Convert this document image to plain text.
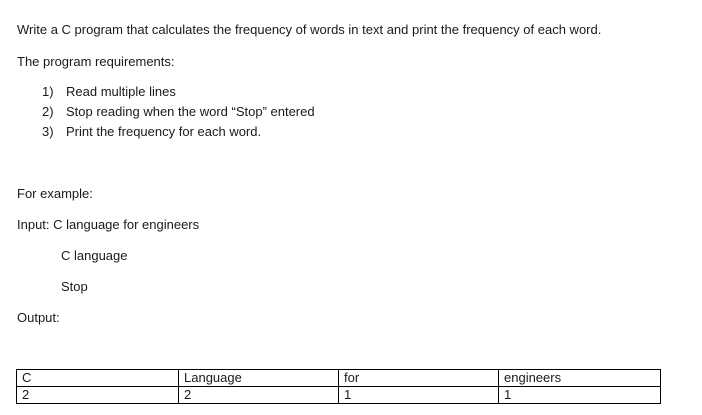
Write a C program that calculates the frequency of words in text and print the frequency of each word.
The program requirements:
1) Read multiple lines
2) Stop reading when the word “Stop” entered
3) Print the frequency for each word.
For example:
Input: C language for engineers
C language
Stop
Output:
C	Language	for	engineers
2	2	1	1
